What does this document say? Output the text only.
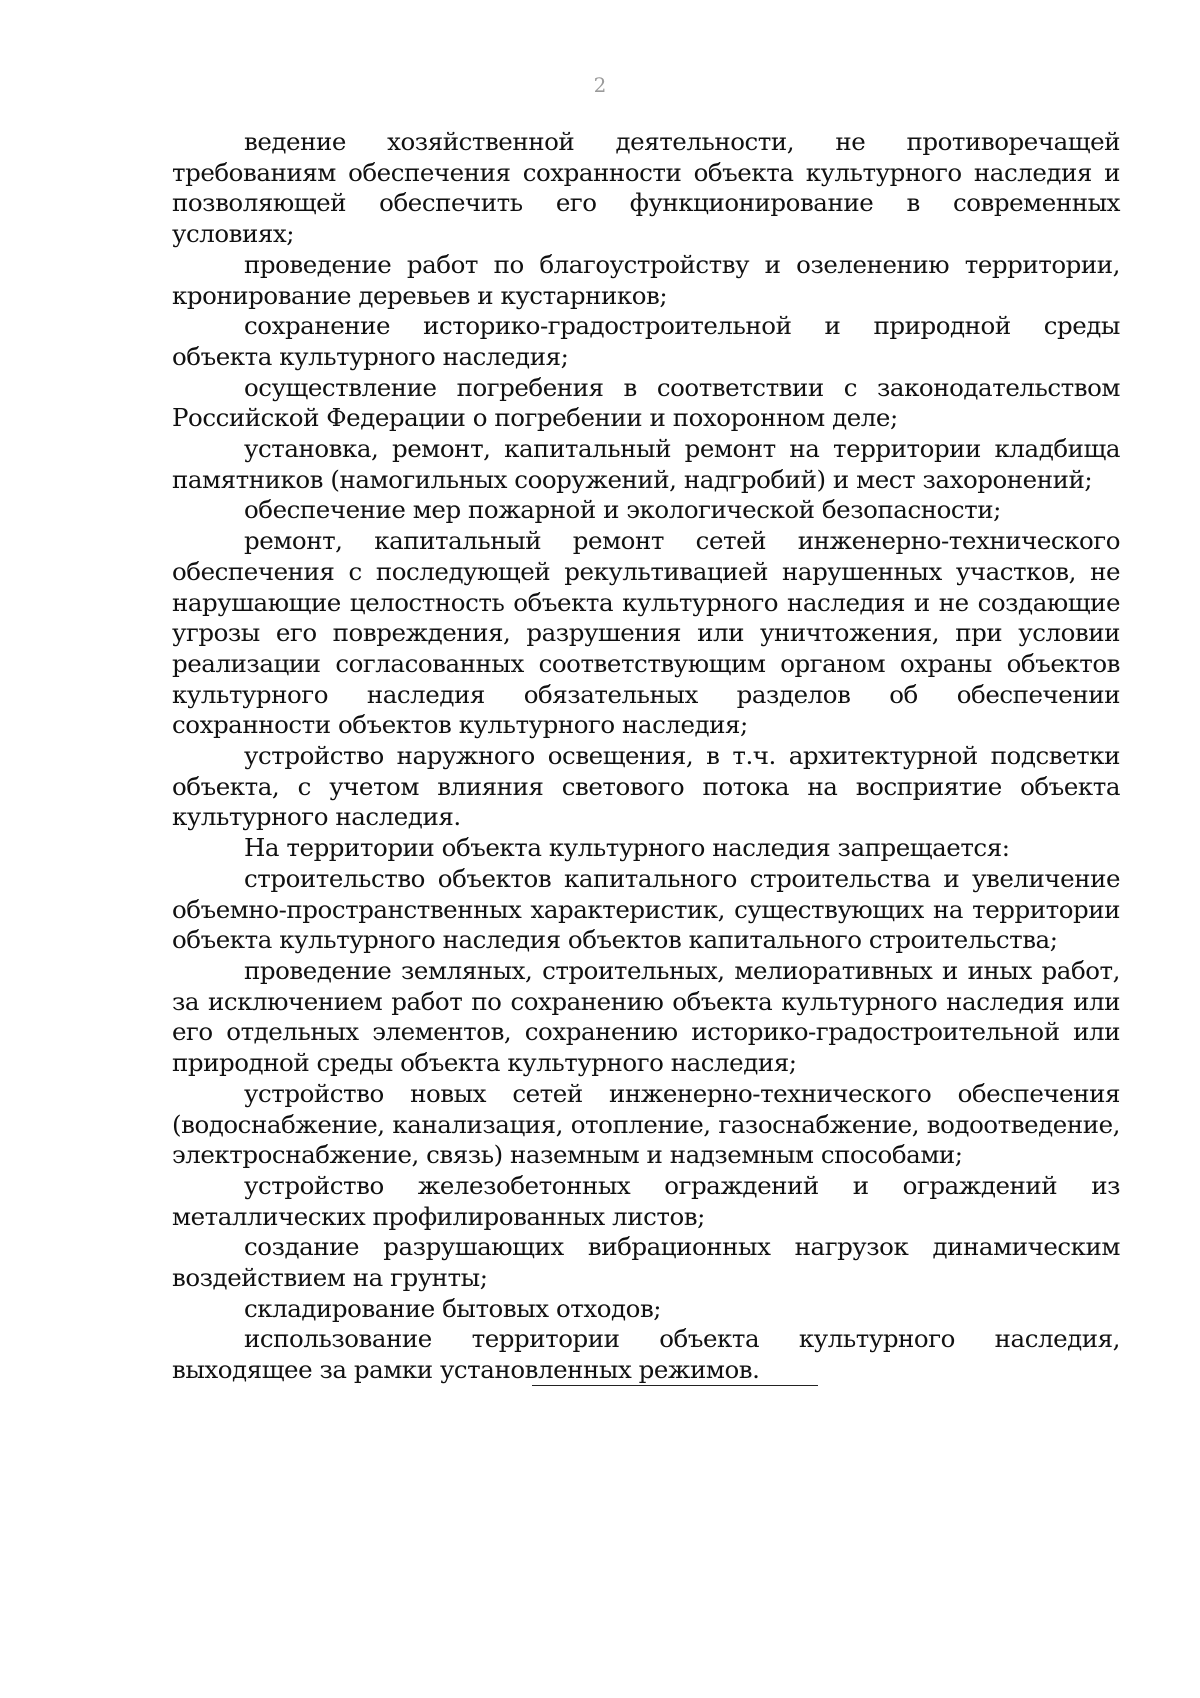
2

ведение хозяйственной деятельности, не противоречащей требованиям обеспечения сохранности объекта культурного наследия и позволяющей обеспечить его функционирование в современных условиях;

проведение работ по благоустройству и озеленению территории, кронирование деревьев и кустарников;

сохранение историко-градостроительной и природной среды объекта культурного наследия;

осуществление погребения в соответствии с законодательством Российской Федерации о погребении и похоронном деле;

установка, ремонт, капитальный ремонт на территории кладбища памятников (намогильных сооружений, надгробий) и мест захоронений;

обеспечение мер пожарной и экологической безопасности;

ремонт, капитальный ремонт сетей инженерно-технического обеспечения с последующей рекультивацией нарушенных участков, не нарушающие целостность объекта культурного наследия и не создающие угрозы его повреждения, разрушения или уничтожения, при условии реализации согласованных соответствующим органом охраны объектов культурного наследия обязательных разделов об обеспечении сохранности объектов культурного наследия;

устройство наружного освещения, в т.ч. архитектурной подсветки объекта, с учетом влияния светового потока на восприятие объекта культурного наследия.

На территории объекта культурного наследия запрещается:

строительство объектов капитального строительства и увеличение объемно-пространственных характеристик, существующих на территории объекта культурного наследия объектов капитального строительства;

проведение земляных, строительных, мелиоративных и иных работ, за исключением работ по сохранению объекта культурного наследия или его отдельных элементов, сохранению историко-градостроительной или природной среды объекта культурного наследия;

устройство новых сетей инженерно-технического обеспечения (водоснабжение, канализация, отопление, газоснабжение, водоотведение, электроснабжение, связь) наземным и надземным способами;

устройство железобетонных ограждений и ограждений из металлических профилированных листов;

создание разрушающих вибрационных нагрузок динамическим воздействием на грунты;

складирование бытовых отходов;

использование территории объекта культурного наследия, выходящее за рамки установленных режимов.
